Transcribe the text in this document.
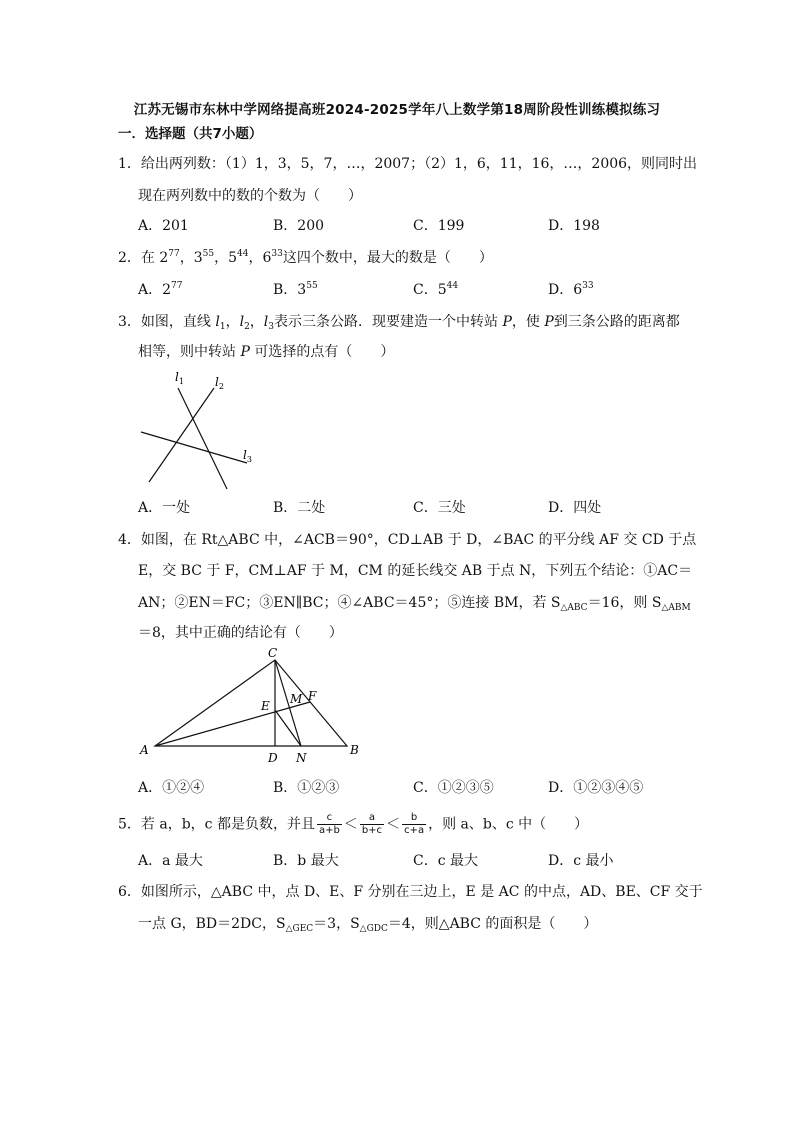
江苏无锡市东林中学网络提高班2024-2025学年八上数学第18周阶段性训练模拟练习
一．选择题（共7小题）
1．给出两列数：（1）1，3，5，7，…，2007；（2）1，6，11，16，…，2006，则同时出
现在两列数中的数的个数为（　　）
A．201	B．200	C．199	D．198
2．在 $2^{77}$，$3^{55}$，$5^{44}$，$6^{33}$这四个数中，最大的数是（　　）
A．$2^{77}$	B．$3^{55}$	C．$5^{44}$	D．$6^{33}$
3．如图，直线 $l_1$，$l_2$，$l_3$表示三条公路．现要建造一个中转站 P，使 P到三条公路的距离都
相等，则中转站 P 可选择的点有（　　）
$l_1$	$l_2$
$l_3$
A．一处	B．二处	C．三处	D．四处
4．如图，在 Rt△ABC 中，∠ACB＝90°，CD⊥AB 于 D，∠BAC 的平分线 AF 交 CD 于点
E，交 BC 于 F，CM⊥AF 于 M，CM 的延长线交 AB 于点 N，下列五个结论：①AC＝
AN；②EN＝FC；③EN∥BC；④∠ABC＝45°；⑤连接 BM，若 $S_{\triangle ABC}=16$，则 $S_{\triangle ABM}$
＝8，其中正确的结论有（　　）
C
A	B
D
E
F
M
N
A．①②④	B．①②③	C．①②③⑤	D．①②③④⑤
5．若 a，b，c 都是负数，并且 $\frac{c}{a+b} < \frac{a}{b+c} < \frac{b}{c+a}$ ，则 a、b、c 中（　　）
A．a 最大	B．b 最大	C．c 最大	D．c 最小
6．如图所示，△ABC 中，点 D、E、F 分别在三边上，E 是 AC 的中点，AD、BE、CF 交于
一点 G，BD＝2DC，$S_{\triangle GEC}=3$，$S_{\triangle GDC}=4$，则△ABC 的面积是（　　）
